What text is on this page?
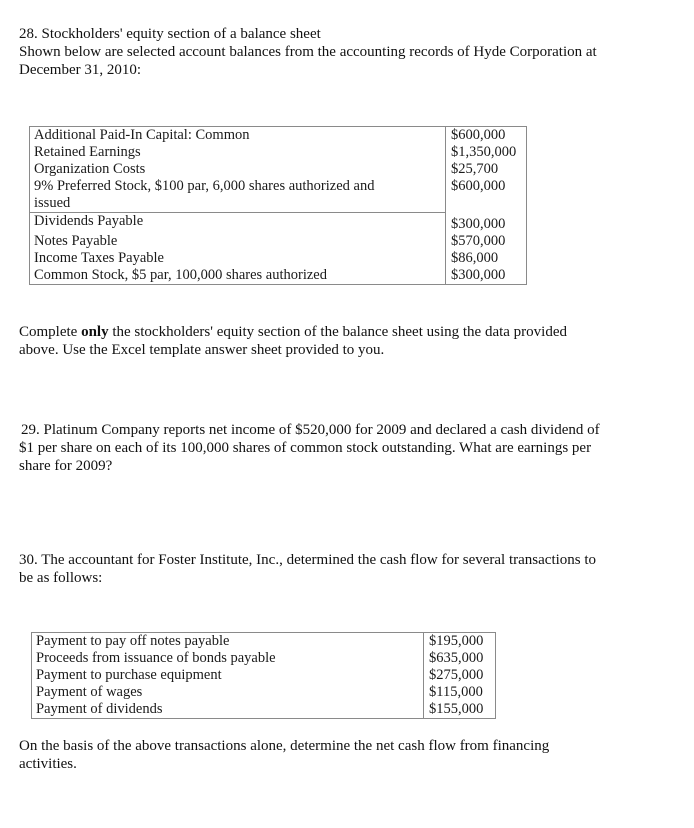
28. Stockholders' equity section of a balance sheet
Shown below are selected account balances from the accounting records of Hyde Corporation at
December 31, 2010:
Additional Paid-In Capital: Common	$600,000
Retained Earnings	$1,350,000
Organization Costs	$25,700

9% Preferred Stock, $100 par, 6,000 shares authorized and
issued	$600,000
Dividends Payable	$300,000
Notes Payable	$570,000
Income Taxes Payable	$86,000
Common Stock, $5 par, 100,000 shares authorized	$300,000
Complete only the stockholders' equity section of the balance sheet using the data provided
above. Use the Excel template answer sheet provided to you.
29. Platinum Company reports net income of $520,000 for 2009 and declared a cash dividend of
$1 per share on each of its 100,000 shares of common stock outstanding. What are earnings per
share for 2009?
30. The accountant for Foster Institute, Inc., determined the cash flow for several transactions to
be as follows:
Payment to pay off notes payable	$195,000
Proceeds from issuance of bonds payable	$635,000
Payment to purchase equipment	$275,000
Payment of wages	$115,000
Payment of dividends	$155,000
On the basis of the above transactions alone, determine the net cash flow from financing
activities.
